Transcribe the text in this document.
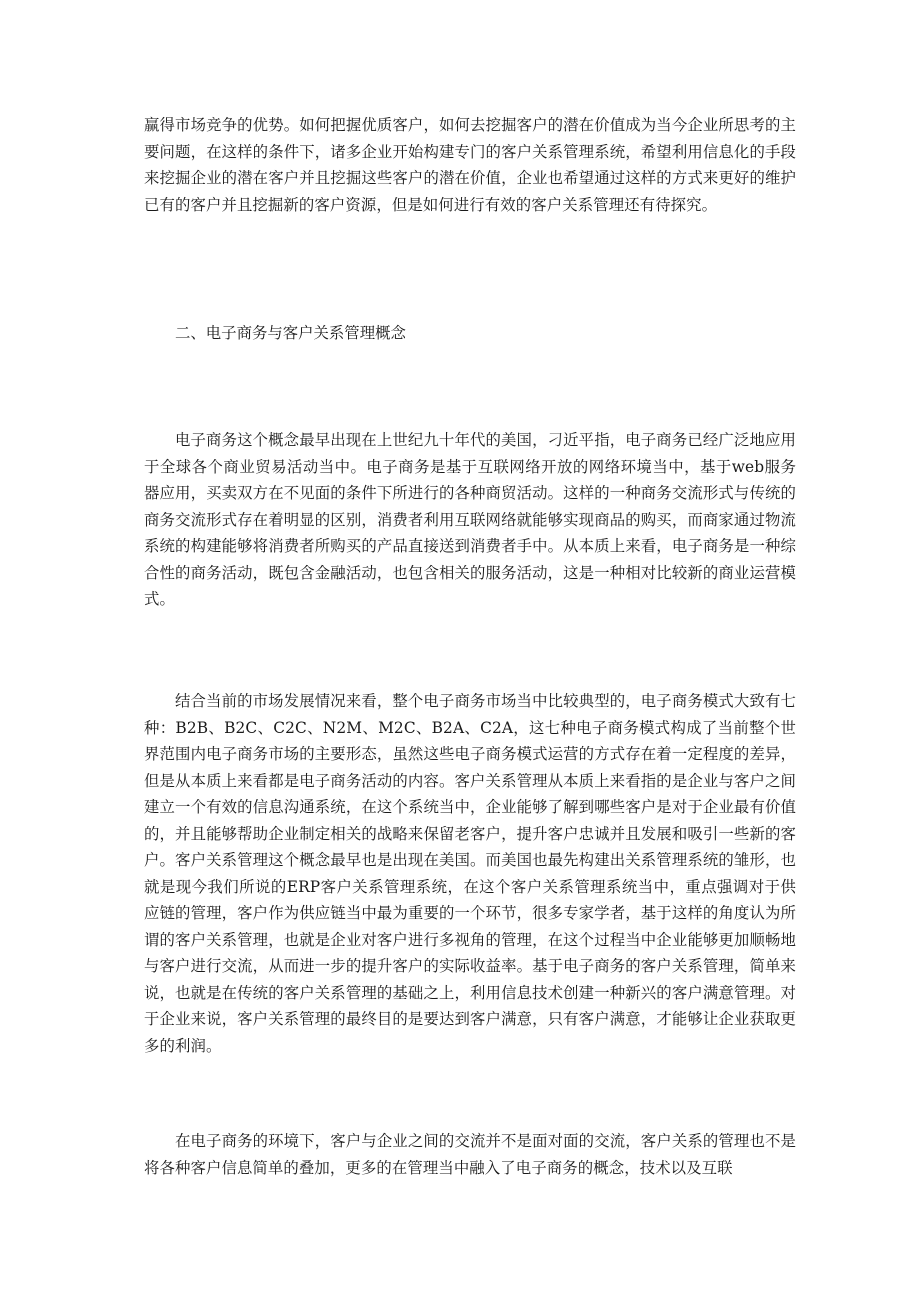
赢得市场竞争的优势。如何把握优质客户，如何去挖掘客户的潜在价值成为当今企业所思考的主要问题，在这样的条件下，诸多企业开始构建专门的客户关系管理系统，希望利用信息化的手段来挖掘企业的潜在客户并且挖掘这些客户的潜在价值，企业也希望通过这样的方式来更好的维护已有的客户并且挖掘新的客户资源，但是如何进行有效的客户关系管理还有待探究。

二、电子商务与客户关系管理概念

电子商务这个概念最早出现在上世纪九十年代的美国，刁近平指，电子商务已经广泛地应用于全球各个商业贸易活动当中。电子商务是基于互联网络开放的网络环境当中，基于web服务器应用，买卖双方在不见面的条件下所进行的各种商贸活动。这样的一种商务交流形式与传统的商务交流形式存在着明显的区别，消费者利用互联网络就能够实现商品的购买，而商家通过物流系统的构建能够将消费者所购买的产品直接送到消费者手中。从本质上来看，电子商务是一种综合性的商务活动，既包含金融活动，也包含相关的服务活动，这是一种相对比较新的商业运营模式。

结合当前的市场发展情况来看，整个电子商务市场当中比较典型的，电子商务模式大致有七种：B2B、B2C、C2C、N2M、M2C、B2A、C2A，这七种电子商务模式构成了当前整个世界范围内电子商务市场的主要形态，虽然这些电子商务模式运营的方式存在着一定程度的差异，但是从本质上来看都是电子商务活动的内容。客户关系管理从本质上来看指的是企业与客户之间建立一个有效的信息沟通系统，在这个系统当中，企业能够了解到哪些客户是对于企业最有价值的，并且能够帮助企业制定相关的战略来保留老客户，提升客户忠诚并且发展和吸引一些新的客户。客户关系管理这个概念最早也是出现在美国。而美国也最先构建出关系管理系统的雏形，也就是现今我们所说的ERP客户关系管理系统，在这个客户关系管理系统当中，重点强调对于供应链的管理，客户作为供应链当中最为重要的一个环节，很多专家学者，基于这样的角度认为所谓的客户关系管理，也就是企业对客户进行多视角的管理，在这个过程当中企业能够更加顺畅地与客户进行交流，从而进一步的提升客户的实际收益率。基于电子商务的客户关系管理，简单来说，也就是在传统的客户关系管理的基础之上，利用信息技术创建一种新兴的客户满意管理。对于企业来说，客户关系管理的最终目的是要达到客户满意，只有客户满意，才能够让企业获取更多的利润。

在电子商务的环境下，客户与企业之间的交流并不是面对面的交流，客户关系的管理也不是将各种客户信息简单的叠加，更多的在管理当中融入了电子商务的概念，技术以及互联
